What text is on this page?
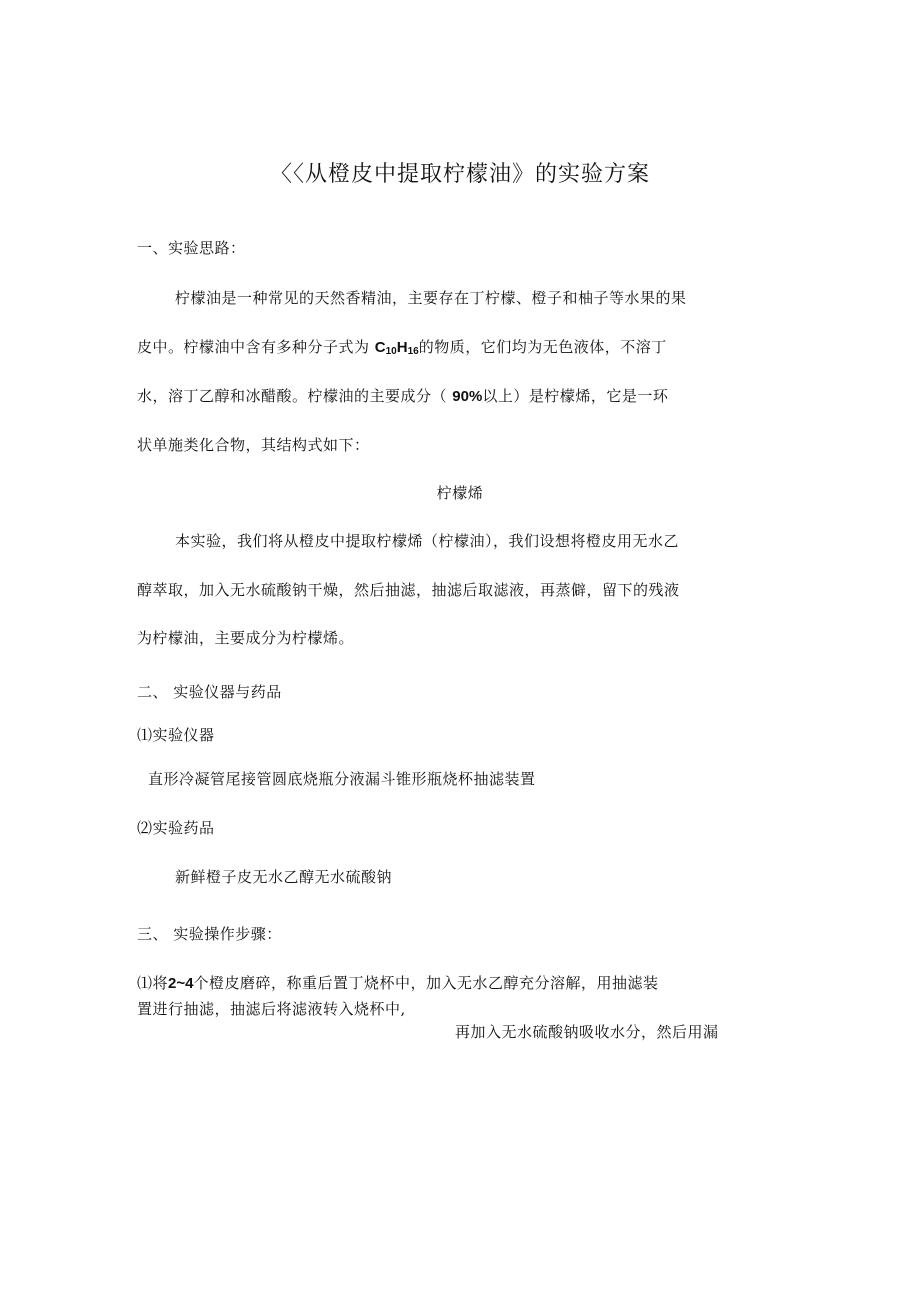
〈〈从橙皮中提取柠檬油》的实验方案
一、实验思路：
柠檬油是一种常见的天然香精油，主要存在丁柠檬、橙子和柚子等水果的果
皮中。柠檬油中含有多种分子式为 $C_{10}H_{16}$的物质，它们均为无色液体，不溶丁
水，溶丁乙醇和冰醋酸。柠檬油的主要成分（ 90%以上）是柠檬烯，它是一环
状单施类化合物，其结构式如下：
柠檬烯
本实验，我们将从橙皮中提取柠檬烯（柠檬油），我们设想将橙皮用无水乙
醇萃取，加入无水硫酸钠干燥，然后抽滤，抽滤后取滤液，再蒸僻，留下的残液
为柠檬油，主要成分为柠檬烯。
二、 实验仪器与药品
⑴实验仪器
直形冷凝管尾接管圆底烧瓶分液漏斗锥形瓶烧杯抽滤装置
⑵实验药品
新鲜橙子皮无水乙醇无水硫酸钠
三、 实验操作步骤：
⑴将2~4个橙皮磨碎，称重后置丁烧杯中，加入无水乙醇充分溶解，用抽滤装
置进行抽滤，抽滤后将滤液转入烧杯中,
再加入无水硫酸钠吸收水分，然后用漏
